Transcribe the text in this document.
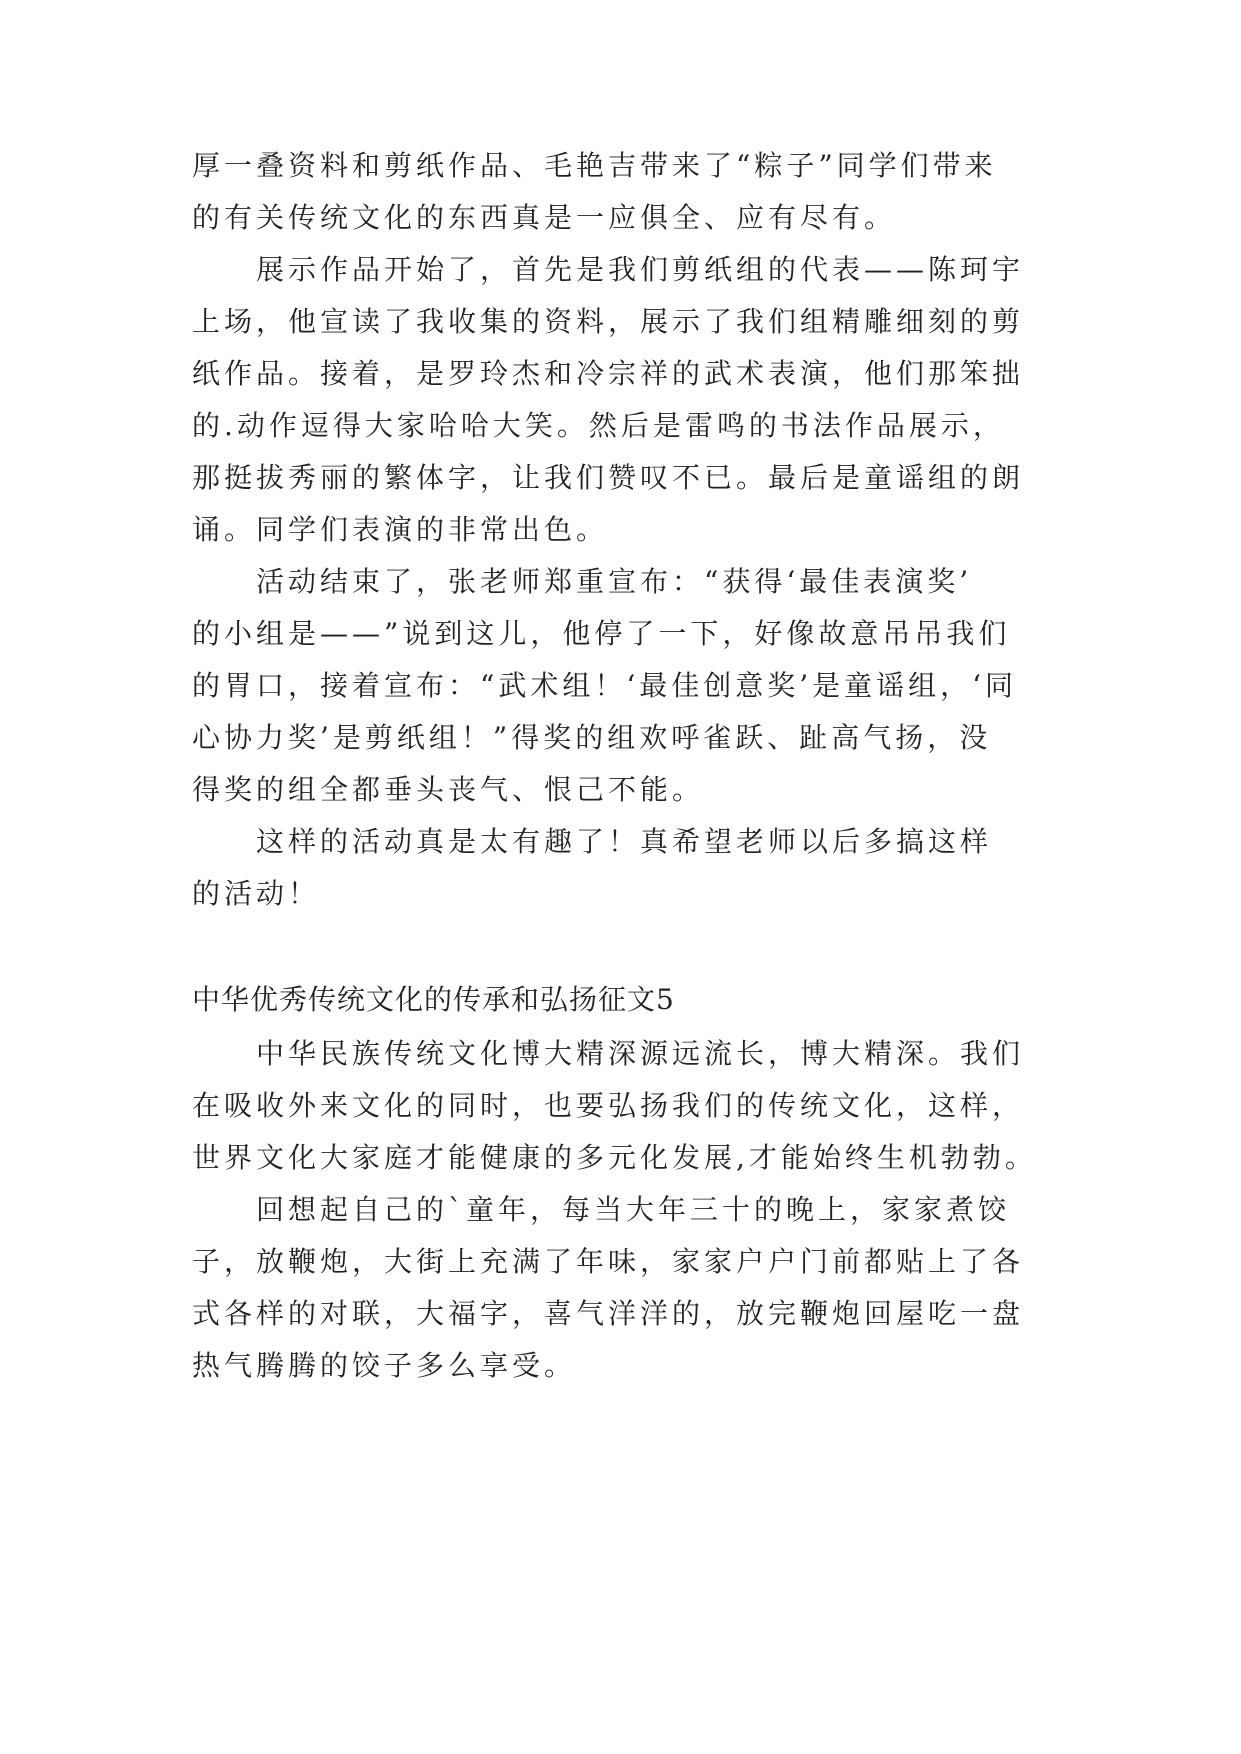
厚一叠资料和剪纸作品、毛艳吉带来了“粽子”同学们带来
的有关传统文化的东西真是一应俱全、应有尽有。
展示作品开始了，首先是我们剪纸组的代表——陈珂宇
上场，他宣读了我收集的资料，展示了我们组精雕细刻的剪
纸作品。接着，是罗玲杰和冷宗祥的武术表演，他们那笨拙
的.动作逗得大家哈哈大笑。然后是雷鸣的书法作品展示，
那挺拔秀丽的繁体字，让我们赞叹不已。最后是童谣组的朗
诵。同学们表演的非常出色。
活动结束了，张老师郑重宣布：“获得‘最佳表演奖’
的小组是——”说到这儿，他停了一下，好像故意吊吊我们
的胃口，接着宣布：“武术组！‘最佳创意奖’是童谣组，‘同
心协力奖’是剪纸组！”得奖的组欢呼雀跃、趾高气扬，没
得奖的组全都垂头丧气、恨己不能。
这样的活动真是太有趣了！真希望老师以后多搞这样
的活动！
中华优秀传统文化的传承和弘扬征文5
中华民族传统文化博大精深源远流长，博大精深。我们
在吸收外来文化的同时，也要弘扬我们的传统文化，这样，
世界文化大家庭才能健康的多元化发展,才能始终生机勃勃。
回想起自己的`童年，每当大年三十的晚上，家家煮饺
子，放鞭炮，大街上充满了年味，家家户户门前都贴上了各
式各样的对联，大福字，喜气洋洋的，放完鞭炮回屋吃一盘
热气腾腾的饺子多么享受。
